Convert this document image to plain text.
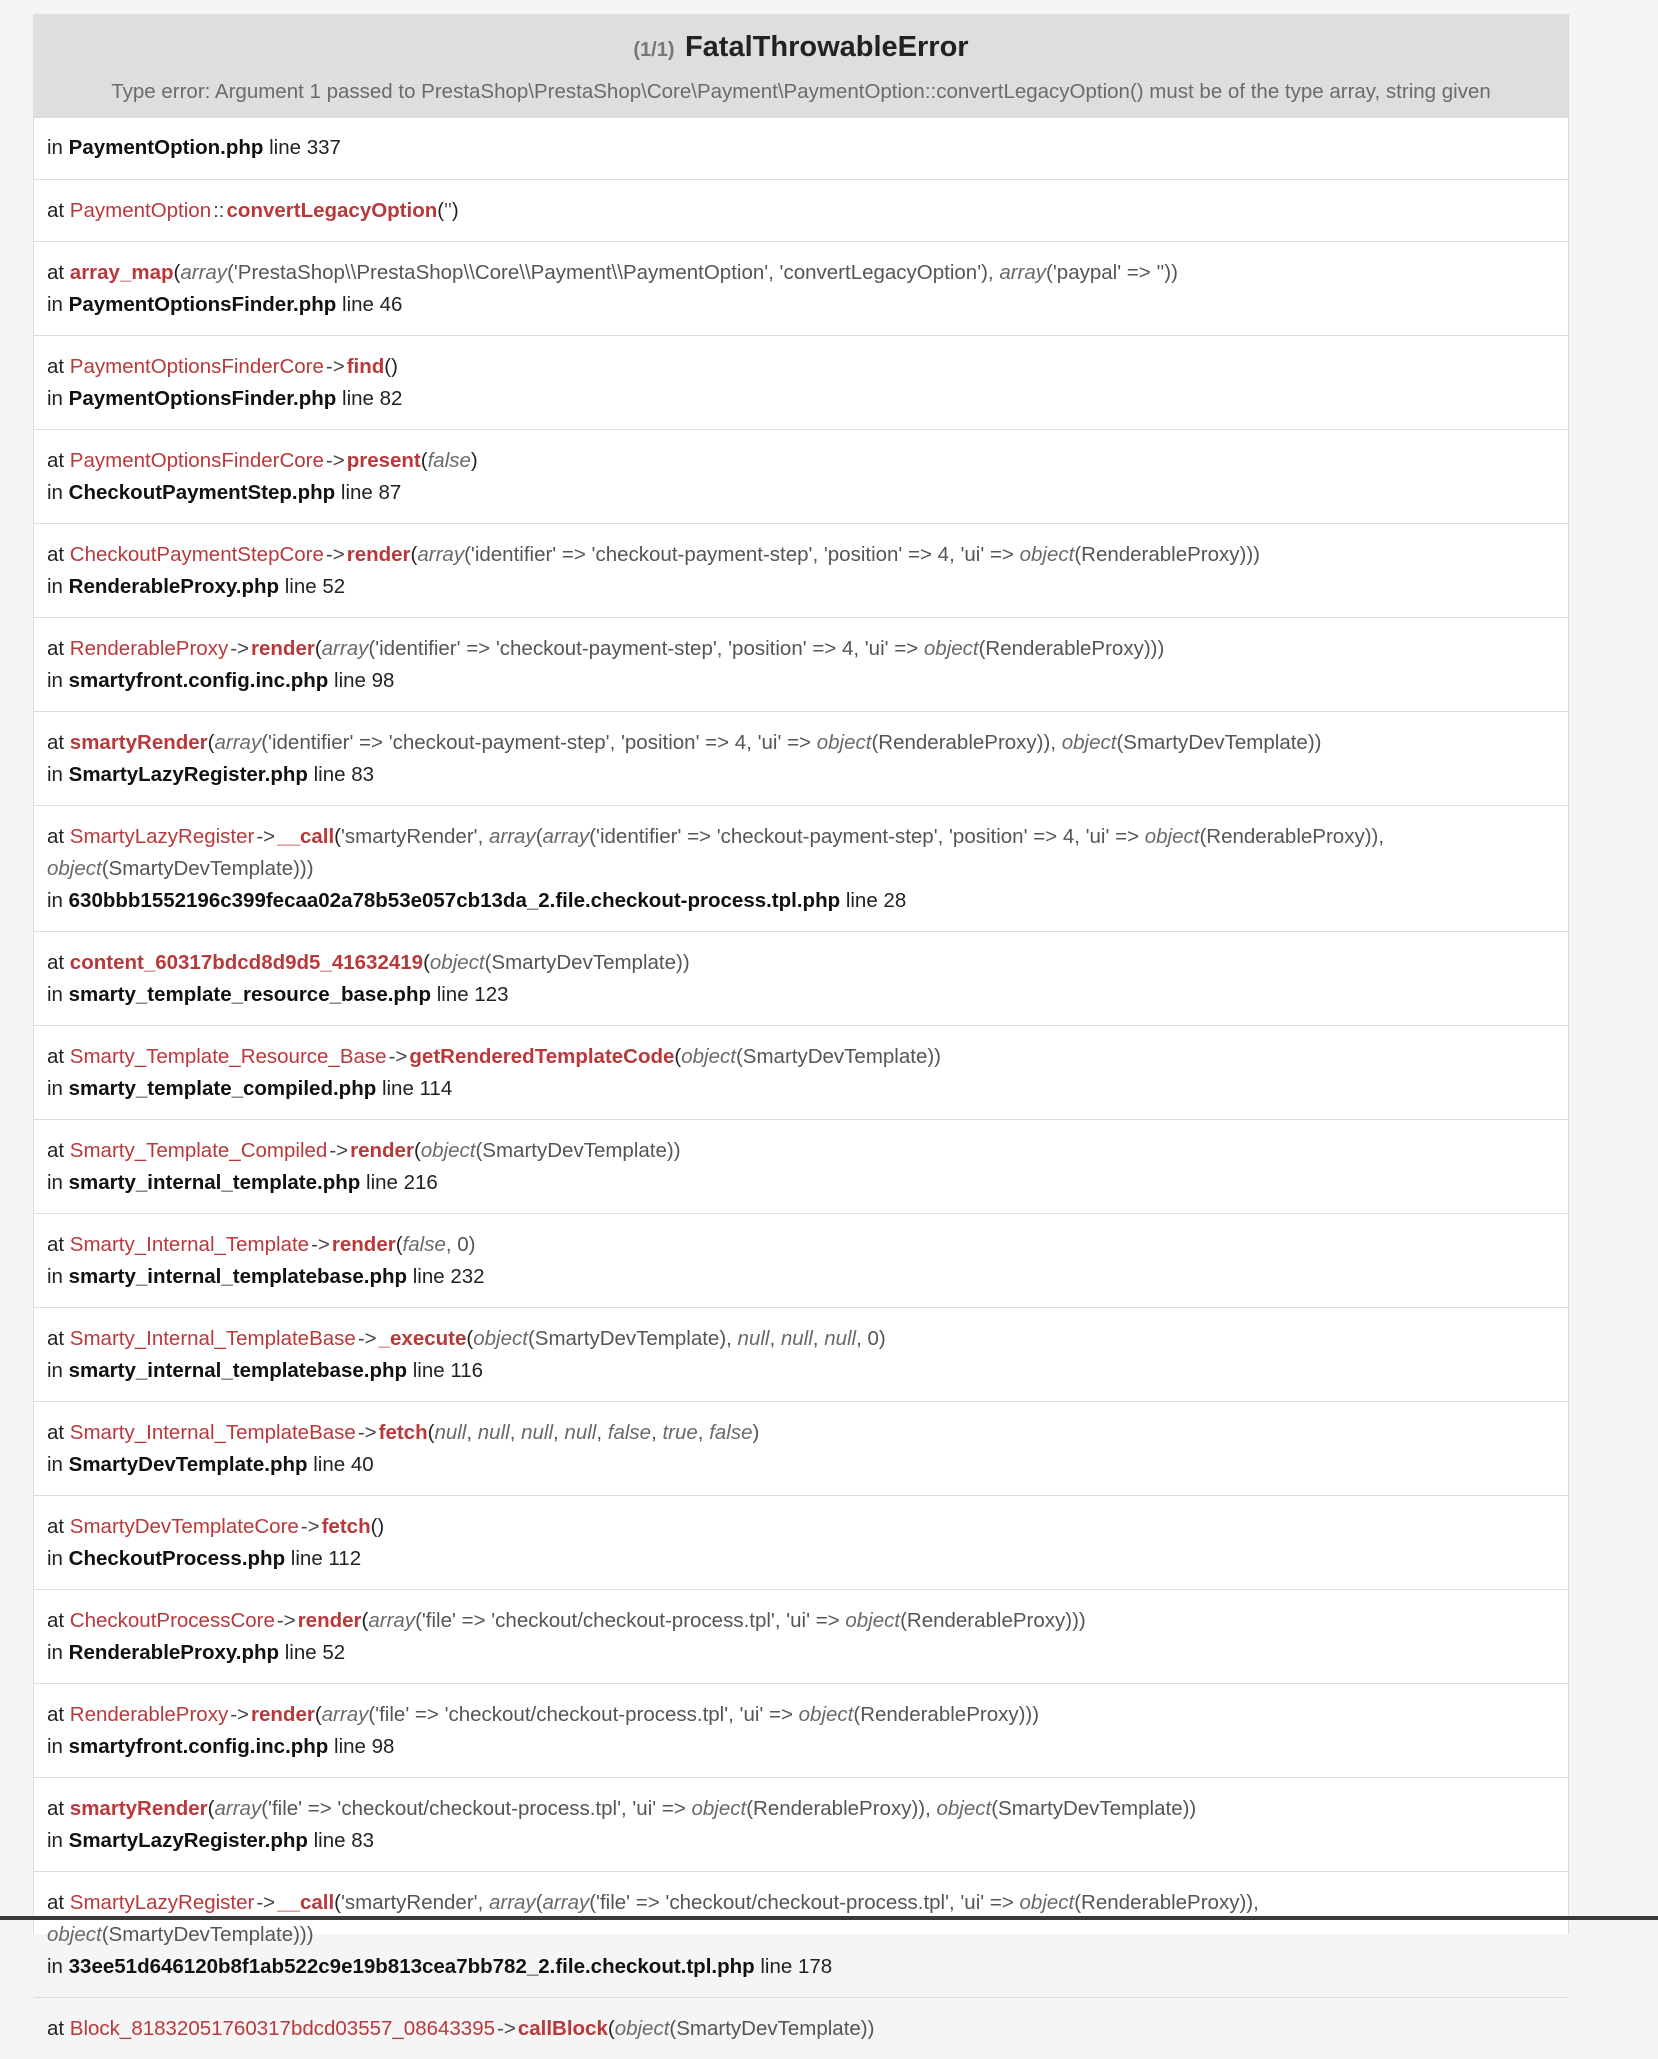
(1/1) FatalThrowableError
Type error: Argument 1 passed to PrestaShop\PrestaShop\Core\Payment\PaymentOption::convertLegacyOption() must be of the type array, string given
in PaymentOption.php line 337
at PaymentOption::convertLegacyOption('')
at array_map(array('PrestaShop\\PrestaShop\\Core\\Payment\\PaymentOption', 'convertLegacyOption'), array('paypal' => ''))
in PaymentOptionsFinder.php line 46
at PaymentOptionsFinderCore->find()
in PaymentOptionsFinder.php line 82
at PaymentOptionsFinderCore->present(false)
in CheckoutPaymentStep.php line 87
at CheckoutPaymentStepCore->render(array('identifier' => 'checkout-payment-step', 'position' => 4, 'ui' => object(RenderableProxy)))
in RenderableProxy.php line 52
at RenderableProxy->render(array('identifier' => 'checkout-payment-step', 'position' => 4, 'ui' => object(RenderableProxy)))
in smartyfront.config.inc.php line 98
at smartyRender(array('identifier' => 'checkout-payment-step', 'position' => 4, 'ui' => object(RenderableProxy)), object(SmartyDevTemplate))
in SmartyLazyRegister.php line 83
at SmartyLazyRegister->__call('smartyRender', array(array('identifier' => 'checkout-payment-step', 'position' => 4, 'ui' => object(RenderableProxy)), object(SmartyDevTemplate)))
in 630bbb1552196c399fecaa02a78b53e057cb13da_2.file.checkout-process.tpl.php line 28
at content_60317bdcd8d9d5_41632419(object(SmartyDevTemplate))
in smarty_template_resource_base.php line 123
at Smarty_Template_Resource_Base->getRenderedTemplateCode(object(SmartyDevTemplate))
in smarty_template_compiled.php line 114
at Smarty_Template_Compiled->render(object(SmartyDevTemplate))
in smarty_internal_template.php line 216
at Smarty_Internal_Template->render(false, 0)
in smarty_internal_templatebase.php line 232
at Smarty_Internal_TemplateBase->_execute(object(SmartyDevTemplate), null, null, null, 0)
in smarty_internal_templatebase.php line 116
at Smarty_Internal_TemplateBase->fetch(null, null, null, null, false, true, false)
in SmartyDevTemplate.php line 40
at SmartyDevTemplateCore->fetch()
in CheckoutProcess.php line 112
at CheckoutProcessCore->render(array('file' => 'checkout/checkout-process.tpl', 'ui' => object(RenderableProxy)))
in RenderableProxy.php line 52
at RenderableProxy->render(array('file' => 'checkout/checkout-process.tpl', 'ui' => object(RenderableProxy)))
in smartyfront.config.inc.php line 98
at smartyRender(array('file' => 'checkout/checkout-process.tpl', 'ui' => object(RenderableProxy)), object(SmartyDevTemplate))
in SmartyLazyRegister.php line 83
at SmartyLazyRegister->__call('smartyRender', array(array('file' => 'checkout/checkout-process.tpl', 'ui' => object(RenderableProxy)), object(SmartyDevTemplate)))
in 33ee51d646120b8f1ab522c9e19b813cea7bb782_2.file.checkout.tpl.php line 178
at Block_81832051760317bdcd03557_08643395->callBlock(object(SmartyDevTemplate))
